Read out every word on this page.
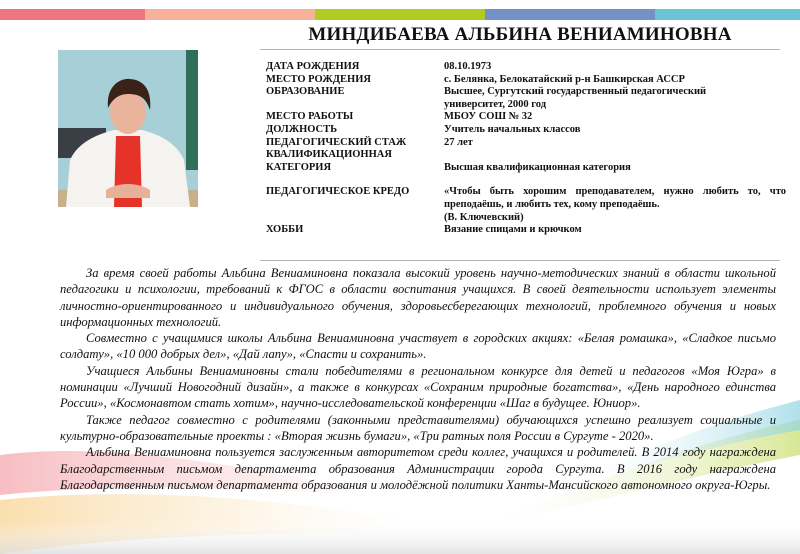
МИНДИБАЕВА АЛЬБИНА ВЕНИАМИНОВНА
ДАТА РОЖДЕНИЯ	08.10.1973
МЕСТО РОЖДЕНИЯ	с. Белянка, Белокатайский р-н Башкирская АССР
ОБРАЗОВАНИЕ	Высшее, Сургутский государственный педагогический университет, 2000 год
МЕСТО РАБОТЫ	МБОУ СОШ № 32
ДОЛЖНОСТЬ	Учитель начальных классов
ПЕДАГОГИЧЕСКИЙ СТАЖ	27 лет
КВАЛИФИКАЦИОННАЯ КАТЕГОРИЯ	Высшая квалификационная категория
ПЕДАГОГИЧЕСКОЕ КРЕДО	«Чтобы быть хорошим преподавателем, нужно любить то, что преподаёшь, и любить тех, кому преподаёшь.
(В. Ключевский)
ХОББИ	Вязание спицами и крючком

За время своей работы Альбина Вениаминовна показала высокий уровень научно-методических знаний в области школьной педагогики и психологии, требований к ФГОС в области воспитания учащихся. В своей деятельности использует элементы личностно-ориентированного и индивидуального обучения, здоровьесберегающих технологий, проблемного обучения и новых информационных технологий.

Совместно с учащимися школы Альбина Вениаминовна участвует в городских акциях: «Белая ромашка», «Сладкое письмо солдату», «10 000 добрых дел», «Дай лапу», «Спасти и сохранить».

Учащиеся Альбины Вениаминовны стали победителями в региональном конкурсе для детей и педагогов «Моя Югра» в номинации «Лучший Новогодний дизайн», а также в конкурсах «Сохраним природные богатства», «День народного единства России», «Космонавтом стать хотим», научно-исследовательской конференции «Шаг в будущее. Юниор».

Также педагог совместно с родителями (законными представителями) обучающихся успешно реализует социальные и культурно-образовательные проекты : «Вторая жизнь бумаги», «Три ратных поля России в Сургуте - 2020».

Альбина Вениаминовна пользуется заслуженным авторитетом среди коллег, учащихся и родителей. В 2014 году награждена Благодарственным письмом департамента образования Администрации города Сургута. В 2016 году награждена Благодарственным письмом департамента образования и молодёжной политики Ханты-Мансийского автономного округа-Югры.
